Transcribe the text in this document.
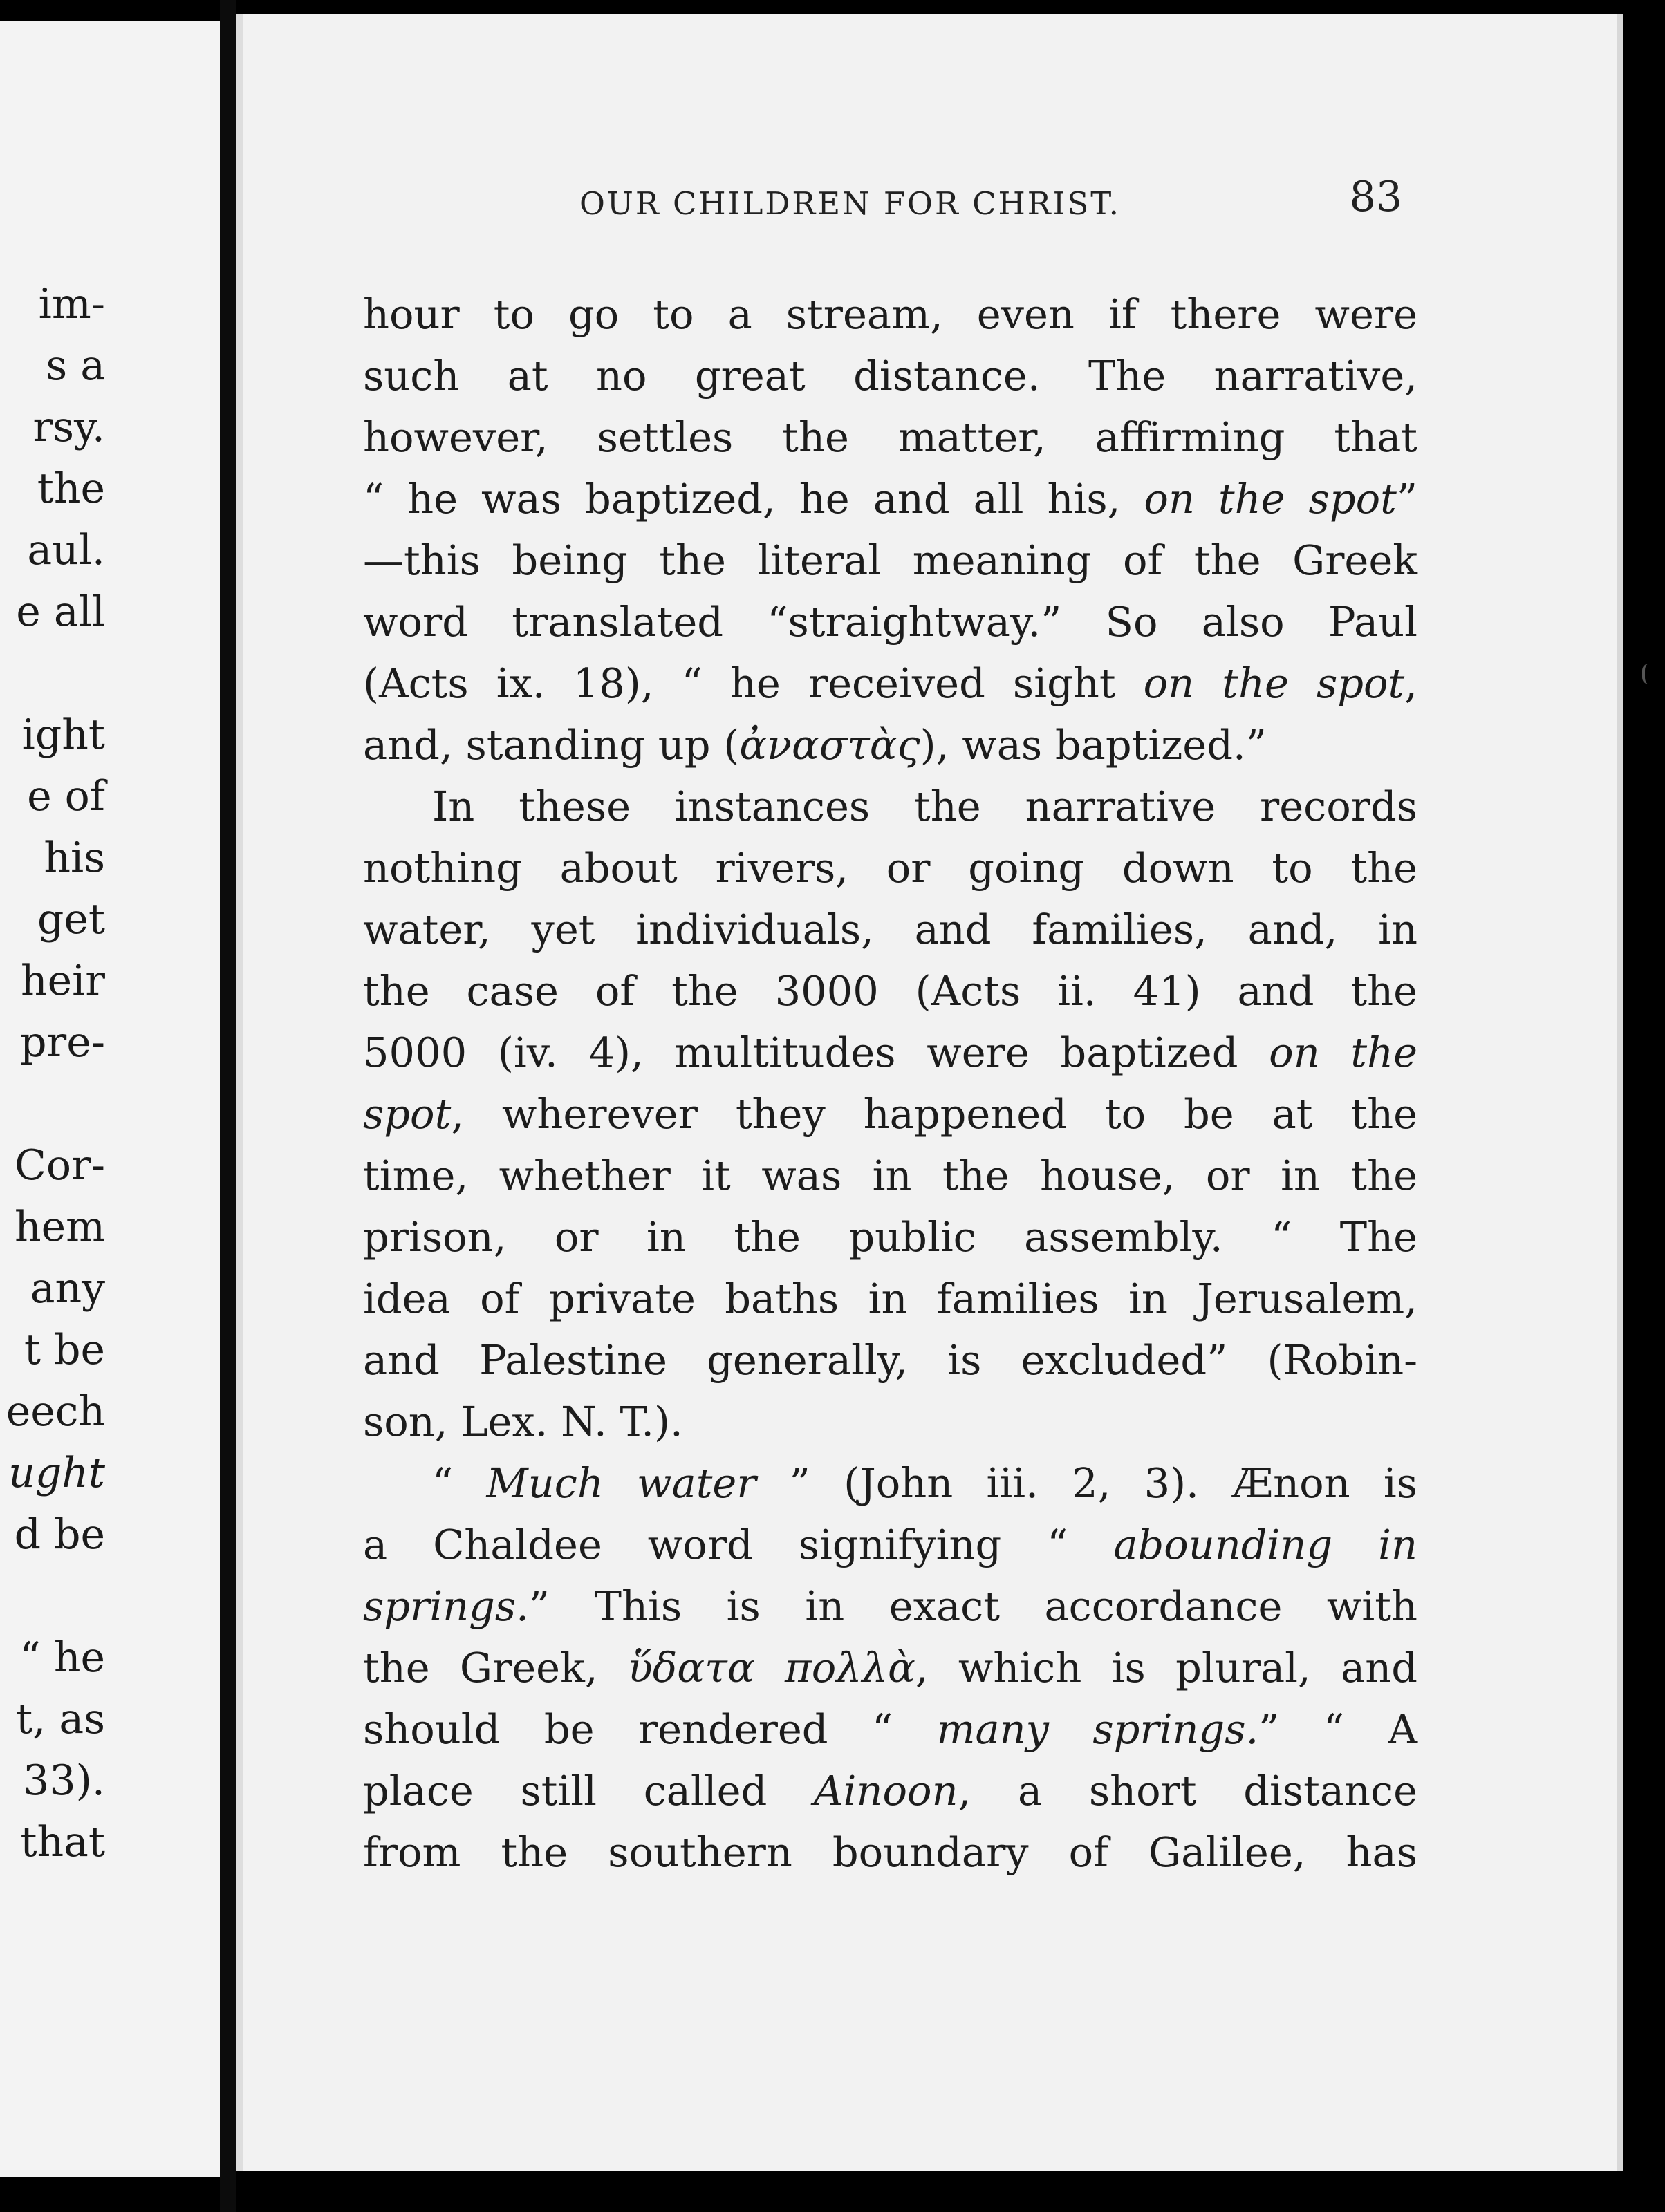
im-
s a
rsy.
the
aul.
e all
ight
e of
his
get
heir
pre-
Cor-
hem
any
t be
eech
ught
d be
“ he
t, as
33).
that
OUR CHILDREN FOR CHRIST.	83
hour to go to a stream, even if there were
such at no great distance. The narrative,
however, settles the matter, affirming that
“ he was baptized, he and all his, on the spot”
—this being the literal meaning of the Greek
word translated “straightway.” So also Paul
(Acts ix. 18), “ he received sight on the spot,
and, standing up (ἀναστὰς), was baptized.”
In these instances the narrative records
nothing about rivers, or going down to the
water, yet individuals, and families, and, in
the case of the 3000 (Acts ii. 41) and the
5000 (iv. 4), multitudes were baptized on the
spot, wherever they happened to be at the
time, whether it was in the house, or in the
prison, or in the public assembly. “ The
idea of private baths in families in Jerusalem,
and Palestine generally, is excluded” (Robin-
son, Lex. N. T.).
“ Much water ” (John iii. 2, 3). Ænon is
a Chaldee word signifying “ abounding in
springs.” This is in exact accordance with
the Greek, ὕδατα πολλὰ, which is plural, and
should be rendered “ many springs.” “ A
place still called Ainoon, a short distance
from the southern boundary of Galilee, has
